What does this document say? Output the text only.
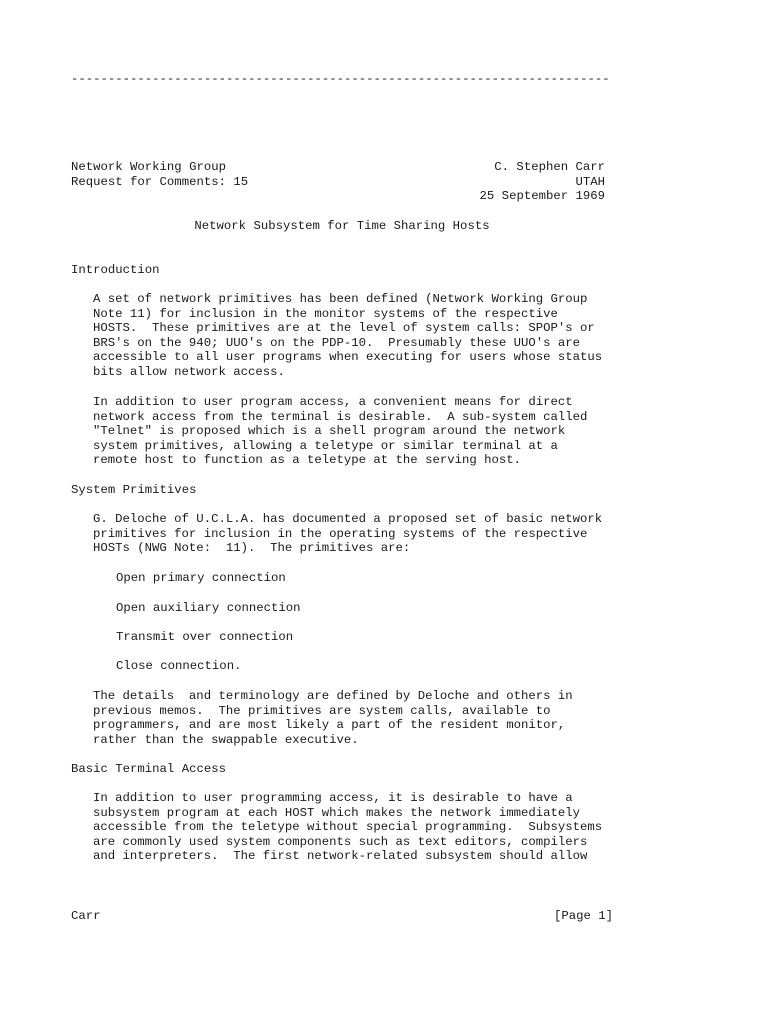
-------------------------------------------------------------------------

Network Working Group

Request for Comments: 15

C. Stephen Carr

UTAH

25 September 1969

Network Subsystem for Time Sharing Hosts

Introduction

A set of network primitives has been defined (Network Working Group
Note 11) for inclusion in the monitor systems of the respective
HOSTS.  These primitives are at the level of system calls: SPOP's or
BRS's on the 940; UUO's on the PDP-10.  Presumably these UUO's are
accessible to all user programs when executing for users whose status
bits allow network access.

In addition to user program access, a convenient means for direct
network access from the terminal is desirable.  A sub-system called
"Telnet" is proposed which is a shell program around the network
system primitives, allowing a teletype or similar terminal at a
remote host to function as a teletype at the serving host.

System Primitives

G. Deloche of U.C.L.A. has documented a proposed set of basic network
primitives for inclusion in the operating systems of the respective
HOSTs (NWG Note:  11).  The primitives are:

Open primary connection

Open auxiliary connection

Transmit over connection

Close connection.

The details  and terminology are defined by Deloche and others in
previous memos.  The primitives are system calls, available to
programmers, and are most likely a part of the resident monitor,
rather than the swappable executive.

Basic Terminal Access

In addition to user programming access, it is desirable to have a
subsystem program at each HOST which makes the network immediately
accessible from the teletype without special programming.  Subsystems
are commonly used system components such as text editors, compilers
and interpreters.  The first network-related subsystem should allow

Carr	[Page 1]
